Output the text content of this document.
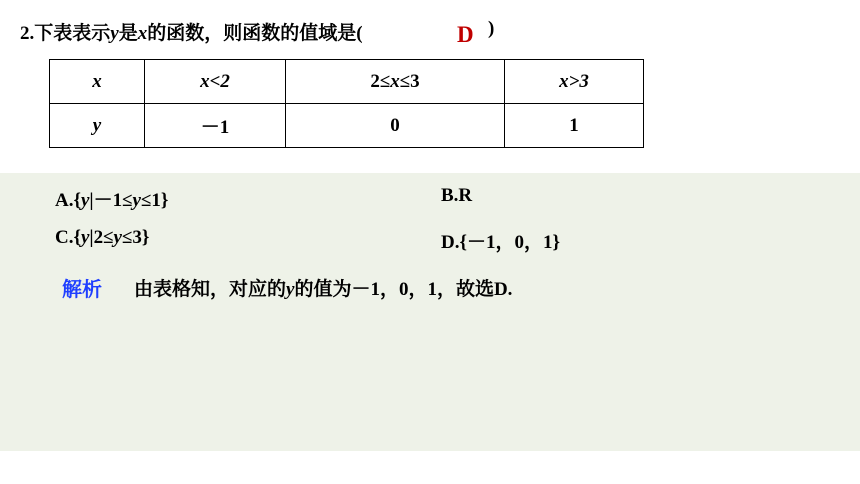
2.下表表示y是x的函数，则函数的值域是(	D )
x	x<2	2≤x≤3	x>3
y	－1	0	1
A.{y|－1≤y≤1}	B.R
C.{y|2≤y≤3}	D.{－1，0，1}
解析 由表格知，对应的y的值为－1，0，1，故选D.
